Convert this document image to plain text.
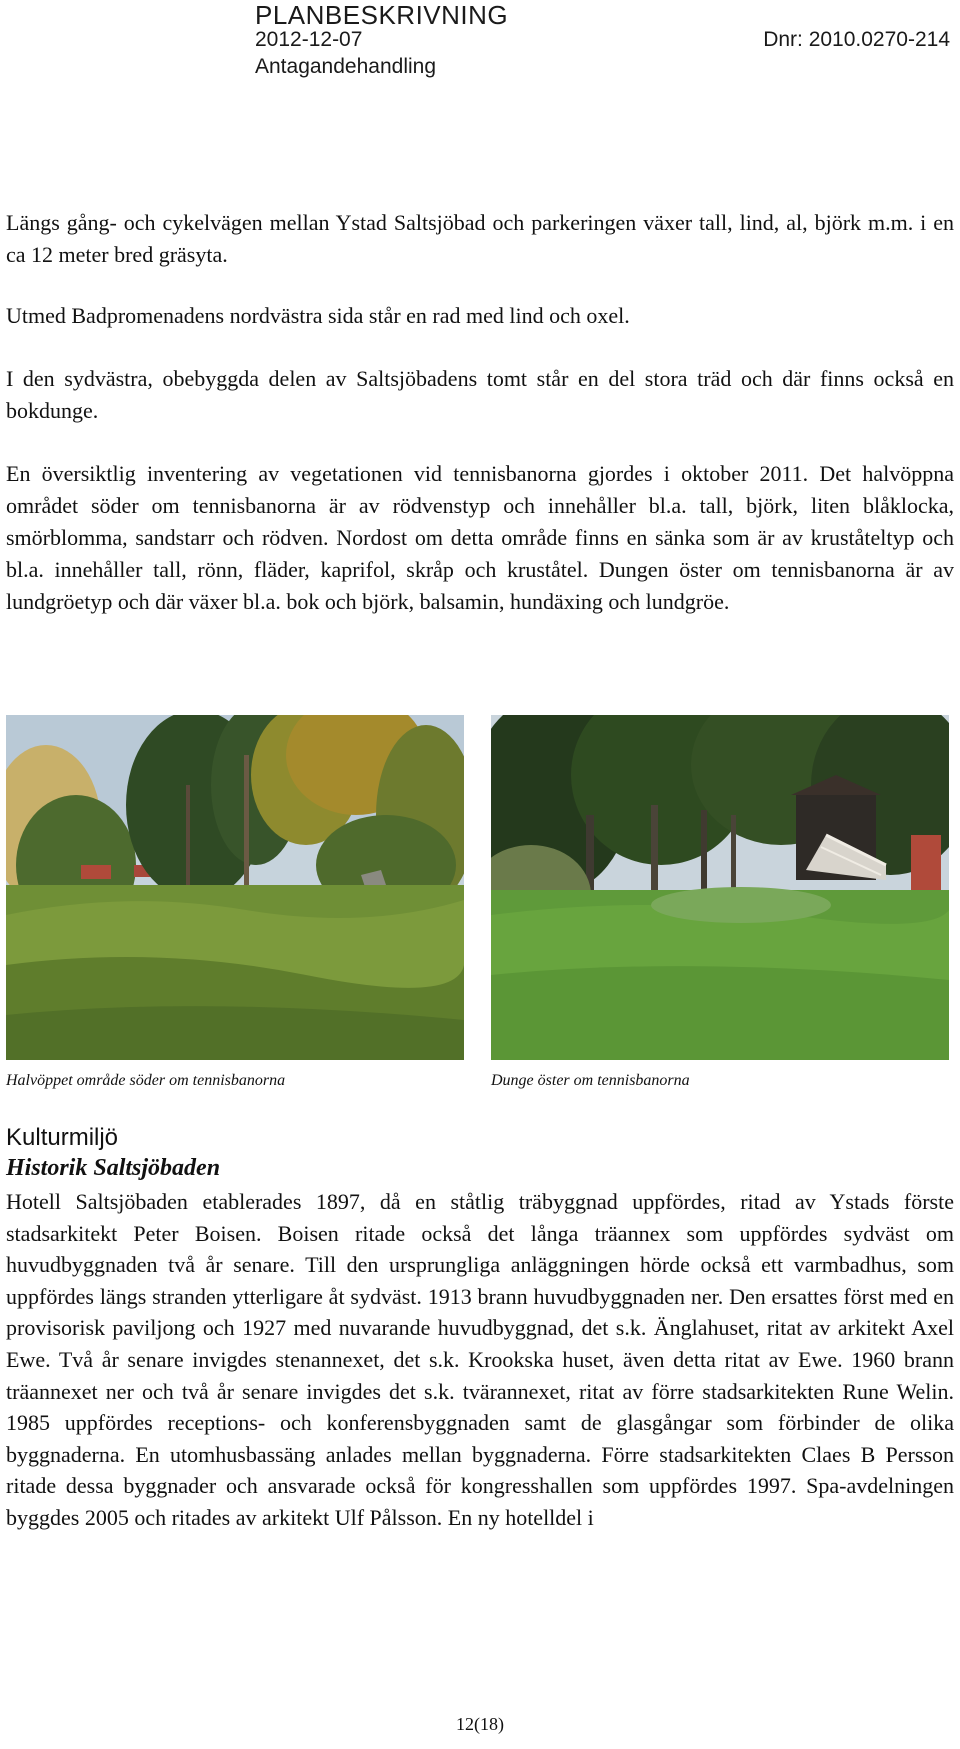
PLANBESKRIVNING
2012-12-07	Dnr: 2010.0270-214
Antagandehandling

Längs gång- och cykelvägen mellan Ystad Saltsjöbad och parkeringen växer tall, lind, al, björk m.m. i en ca 12 meter bred gräsyta.

Utmed Badpromenadens nordvästra sida står en rad med lind och oxel.

I den sydvästra, obebyggda delen av Saltsjöbadens tomt står en del stora träd och där finns också en bokdunge.

En översiktlig inventering av vegetationen vid tennisbanorna gjordes i oktober 2011. Det halvöppna området söder om tennisbanorna är av rödvenstyp och innehåller bl.a. tall, björk, liten blåklocka, smörblomma, sandstarr och rödven. Nordost om detta område finns en sänka som är av kruståteltyp och bl.a. innehåller tall, rönn, fläder, kaprifol, skråp och kruståtel. Dungen öster om tennisbanorna är av lundgröetyp och där växer bl.a. bok och björk, balsamin, hundäxing och lundgröe.

Halvöppet område söder om tennisbanorna	Dunge öster om tennisbanorna
Kulturmiljö
Historik Saltsjöbaden

Hotell Saltsjöbaden etablerades 1897, då en ståtlig träbyggnad uppfördes, ritad av Ystads förste stadsarkitekt Peter Boisen. Boisen ritade också det långa träannex som uppfördes sydväst om huvudbyggnaden två år senare. Till den ursprungliga anläggningen hörde också ett varmbadhus, som uppfördes längs stranden ytterligare åt sydväst. 1913 brann huvudbyggnaden ner. Den ersattes först med en provisorisk paviljong och 1927 med nuvarande huvudbyggnad, det s.k. Änglahuset, ritat av arkitekt Axel Ewe. Två år senare invigdes stenannexet, det s.k. Krookska huset, även detta ritat av Ewe. 1960 brann träannexet ner och två år senare invigdes det s.k. tvärannexet, ritat av förre stadsarkitekten Rune Welin. 1985 uppfördes receptions- och konferensbyggnaden samt de glasgångar som förbinder de olika byggnaderna. En utomhusbassäng anlades mellan byggnaderna. Förre stadsarkitekten Claes B Persson ritade dessa byggnader och ansvarade också för kongresshallen som uppfördes 1997. Spa-avdelningen byggdes 2005 och ritades av arkitekt Ulf Pålsson. En ny hotelldel i

12(18)
